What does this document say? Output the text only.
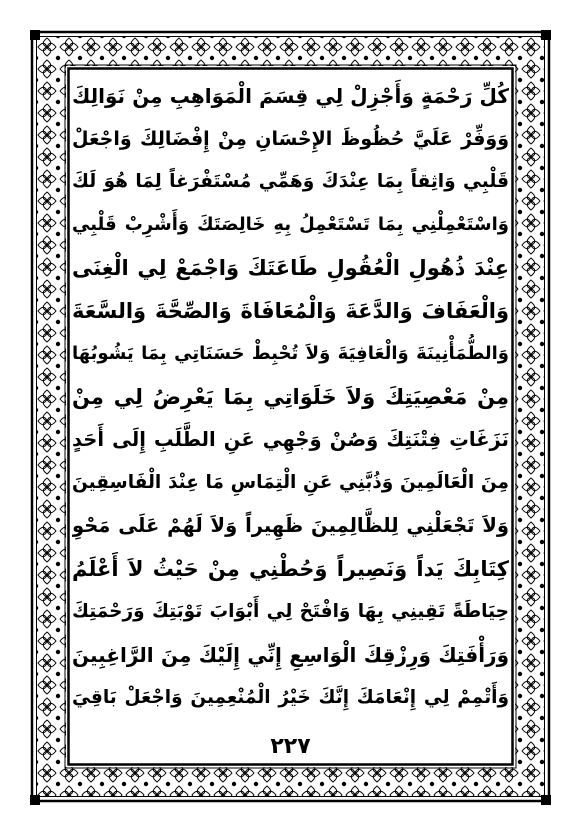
كُلِّ رَحْمَةٍ وَأَجْزِلْ لِي قِسَمَ الْمَوَاهِبِ مِنْ نَوَالِكَ
وَوَفِّرْ عَلَيَّ حُظُوظَ الإِحْسَانِ مِنْ إِفْضَالِكَ وَاجْعَلْ
قَلْبِي وَاثِقاً بِمَا عِنْدَكَ وَهَمِّي مُسْتَفْرَغاً لِمَا هُوَ لَكَ
وَاسْتَعْمِلْنِي بِمَا تَسْتَعْمِلُ بِهِ خَالِصَتَكَ وَأَشْرِبْ قَلْبِي
عِنْدَ ذُهُولِ الْعُقُولِ طَاعَتَكَ وَاجْمَعْ لِي الْغِنَى
وَالْعَفَافَ وَالدَّعَةَ وَالْمُعَافَاةَ وَالصِّحَّةَ وَالسَّعَةَ
وَالطُّمَأْنِينَةَ وَالْعَافِيَةَ وَلاَ تُحْبِطْ حَسَنَاتِي بِمَا يَشُوبُهَا
مِنْ مَعْصِيَتِكَ وَلاَ خَلَوَاتِي بِمَا يَعْرِضُ لِي مِنْ
نَزَغَاتِ فِتْنَتِكَ وَصُنْ وَجْهِي عَنِ الطَّلَبِ إِلَى أَحَدٍ
مِنَ الْعَالَمِينَ وَذُبَّنِي عَنِ الْتِمَاسِ مَا عِنْدَ الْفَاسِقِينَ
وَلاَ تَجْعَلْنِي لِلظَّالِمِينَ ظَهِيراً وَلاَ لَهُمْ عَلَى مَحْوِ
كِتَابِكَ يَداً وَنَصِيراً وَحُطْنِي مِنْ حَيْثُ لاَ أَعْلَمُ
حِيَاطَةً تَقِينِي بِهَا وَافْتَحْ لِي أَبْوَابَ تَوْبَتِكَ وَرَحْمَتِكَ
وَرَأْفَتِكَ وَرِزْقِكَ الْوَاسِعِ إِنِّي إِلَيْكَ مِنَ الرَّاغِبِينَ
وَأَتْمِمْ لِي إِنْعَامَكَ إِنَّكَ خَيْرُ الْمُنْعِمِينَ وَاجْعَلْ بَاقِيَ
٢٢٧
